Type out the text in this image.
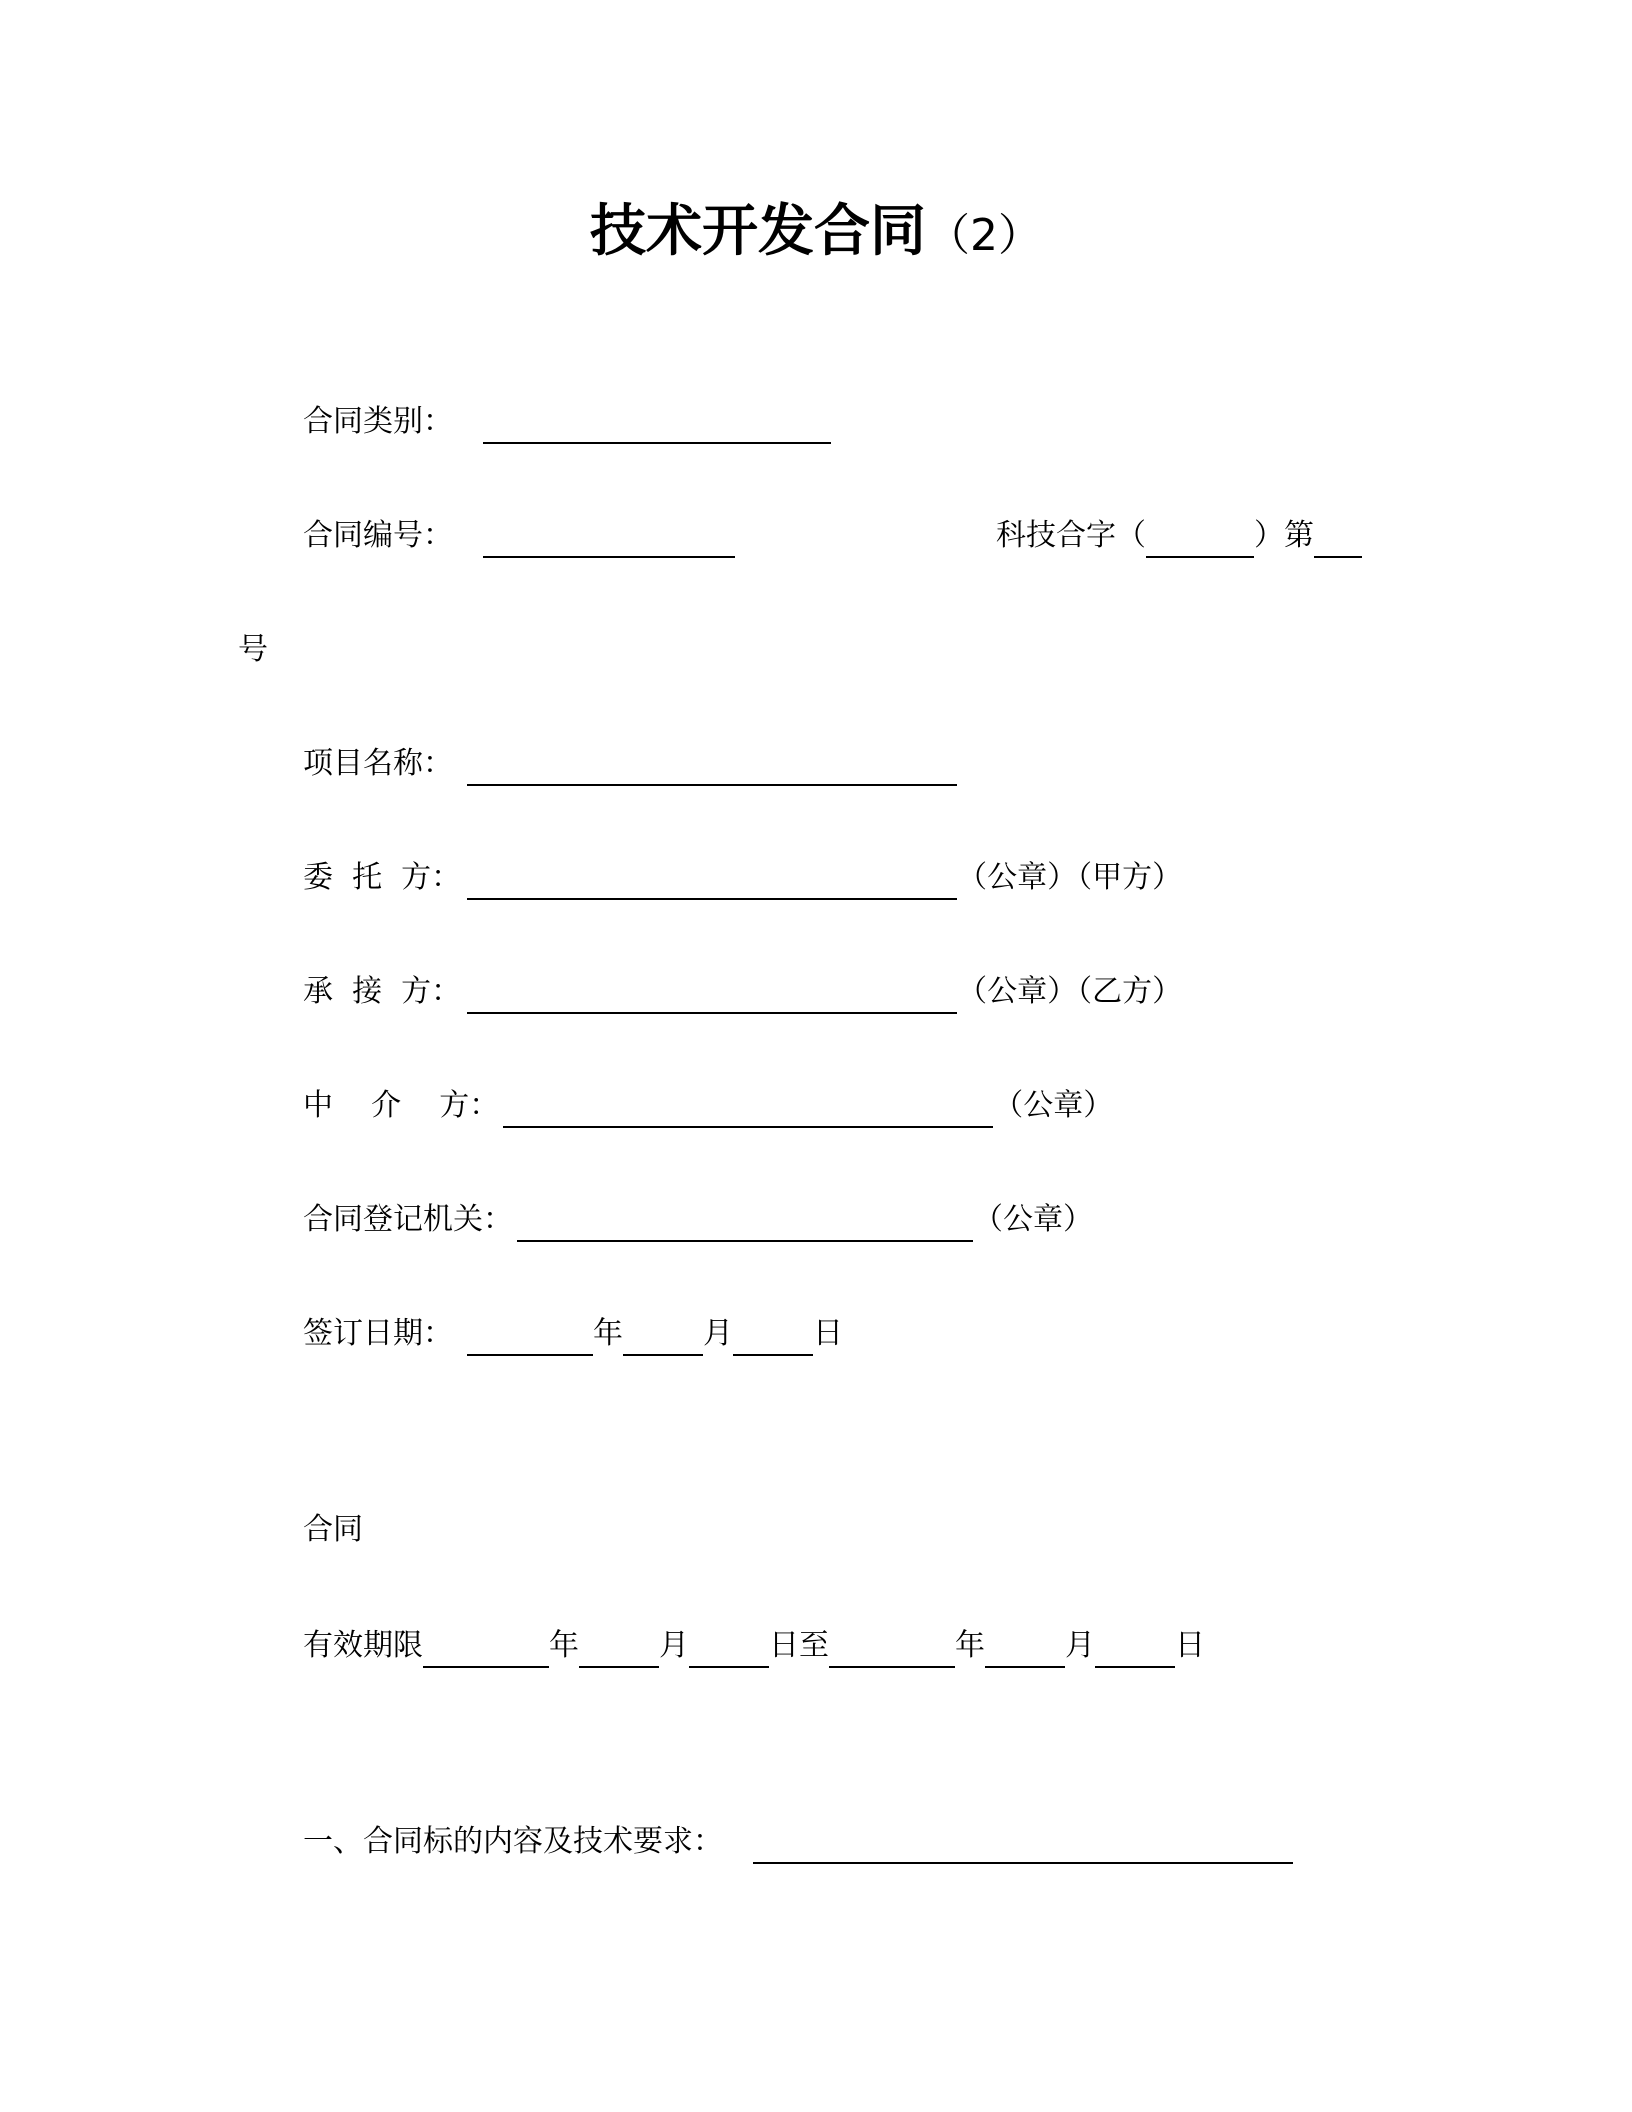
技术开发合同（2）
合同类别：
合同编号：	科技合字（	）第
号
项目名称：
委  托  方：	（公章）（甲方）
承  接  方：	（公章）（乙方）
中    介    方：	（公章）
合同登记机关：	（公章）
签订日期：	年	月	日
合同
有效期限	年	月	日至	年	月	日
一、合同标的内容及技术要求：
